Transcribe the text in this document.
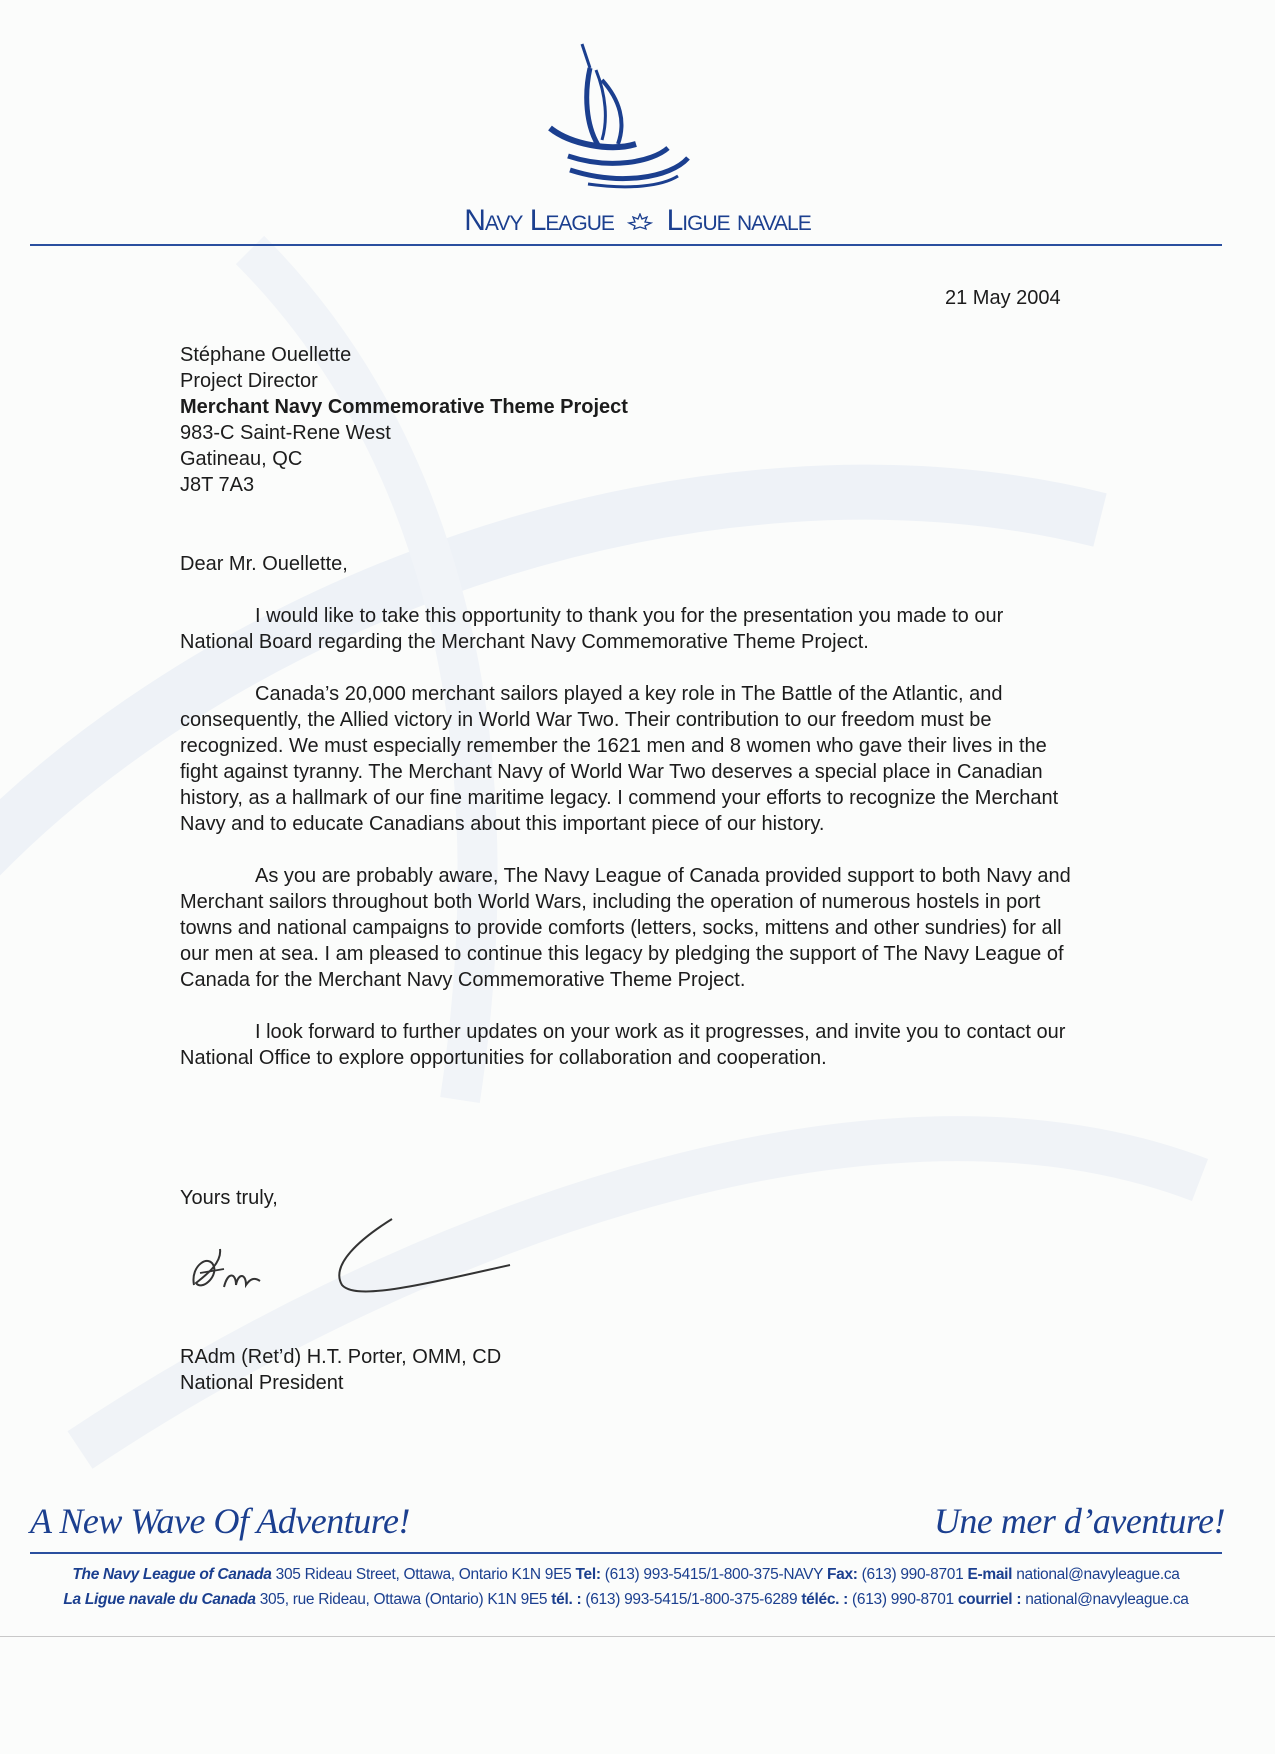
Navy League Ligue navale
21 May 2004
Stéphane Ouellette
Project Director
Merchant Navy Commemorative Theme Project
983-C Saint-Rene West
Gatineau, QC
J8T 7A3
Dear Mr. Ouellette,

I would like to take this opportunity to thank you for the presentation you made to our National Board regarding the Merchant Navy Commemorative Theme Project.

Canada’s 20,000 merchant sailors played a key role in The Battle of the Atlantic, and consequently, the Allied victory in World War Two. Their contribution to our freedom must be recognized. We must especially remember the 1621 men and 8 women who gave their lives in the fight against tyranny. The Merchant Navy of World War Two deserves a special place in Canadian history, as a hallmark of our fine maritime legacy. I commend your efforts to recognize the Merchant Navy and to educate Canadians about this important piece of our history.

As you are probably aware, The Navy League of Canada provided support to both Navy and Merchant sailors throughout both World Wars, including the operation of numerous hostels in port towns and national campaigns to provide comforts (letters, socks, mittens and other sundries) for all our men at sea. I am pleased to continue this legacy by pledging the support of The Navy League of Canada for the Merchant Navy Commemorative Theme Project.

I look forward to further updates on your work as it progresses, and invite you to contact our National Office to explore opportunities for collaboration and cooperation.

Yours truly,
RAdm (Ret’d) H.T. Porter, OMM, CD
National President
A New Wave Of Adventure!	Une mer d’aventure!
The Navy League of Canada 305 Rideau Street, Ottawa, Ontario K1N 9E5 Tel: (613) 993-5415/1-800-375-NAVY Fax: (613) 990-8701 E-mail national@navyleague.ca
La Ligue navale du Canada 305, rue Rideau, Ottawa (Ontario) K1N 9E5 tél. : (613) 993-5415/1-800-375-6289 téléc. : (613) 990-8701 courriel : national@navyleague.ca
